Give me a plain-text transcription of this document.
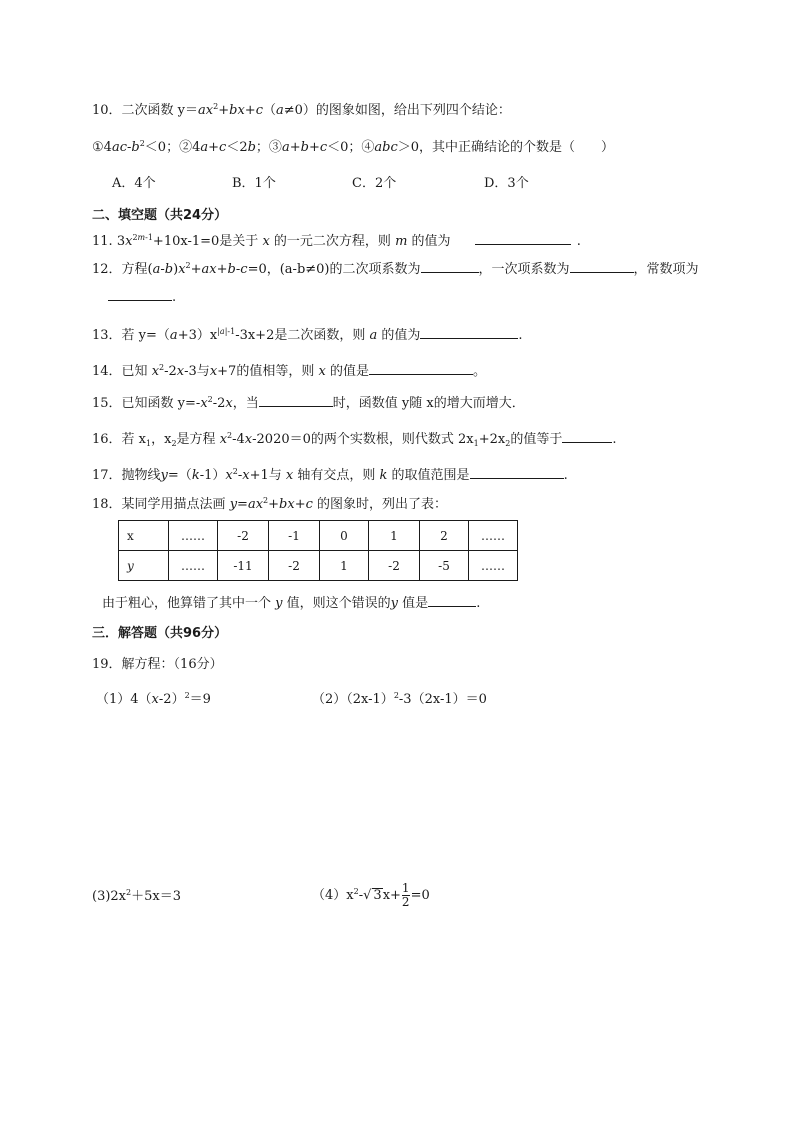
10．二次函数 $y=ax^2+bx+c(a\ne 0)$的图象如图，给出下列四个结论：
$①4ac-b^2<0$；②4a+c＜2b；③a+b+c＜0；④abc＞0，其中正确结论的个数是（　　）
A．4个	B．1个	C．2个	D．3个
二、填空题（共24分）
11. $3x^{2m-1}+10x-1=0$是关于 x 的一元二次方程，则 m 的值为	.
12．方程$(a-b)x^2+ax+b-c=0$，(a-b≠0)的二次项系数为	，一次项系数为	，常数项为
.
13．若 $y=(a+3)x^{|a|-1}-3x+2$是二次函数，则 a 的值为	.
14．已知 $x^2-2x-3$与x+7的值相等，则 x 的值是	。
15．已知函数 $y=-x^2-2x$，当	时，函数值 y随 x的增大而增大．
16．若 $x_1$，$x_2$是方程 $x^2-4x-2020=0$的两个实数根，则代数式 $2x_1+2x_2$的值等于	.
17．抛物线$y=(k-1)x^2-x+1$与 x 轴有交点，则 k 的取值范围是	.
18．某同学用描点法画 $y=ax^2+bx+c$ 的图象时，列出了表：
x	……	-2	-1	0	1	2	……
y	……	-11	-2	1	-2	-5	……
由于粗心，他算错了其中一个 y 值，则这个错误的y 值是	.
三．解答题（共96分）
19．解方程：（16分）
$(1)4(x-2)^2=9$	$(2)(2x-1)^2-3(2x-1)=0$
$(3)2x^2+5x=3$	$(4)x^2-√$ $3x+ \frac{1}{2} =0$
